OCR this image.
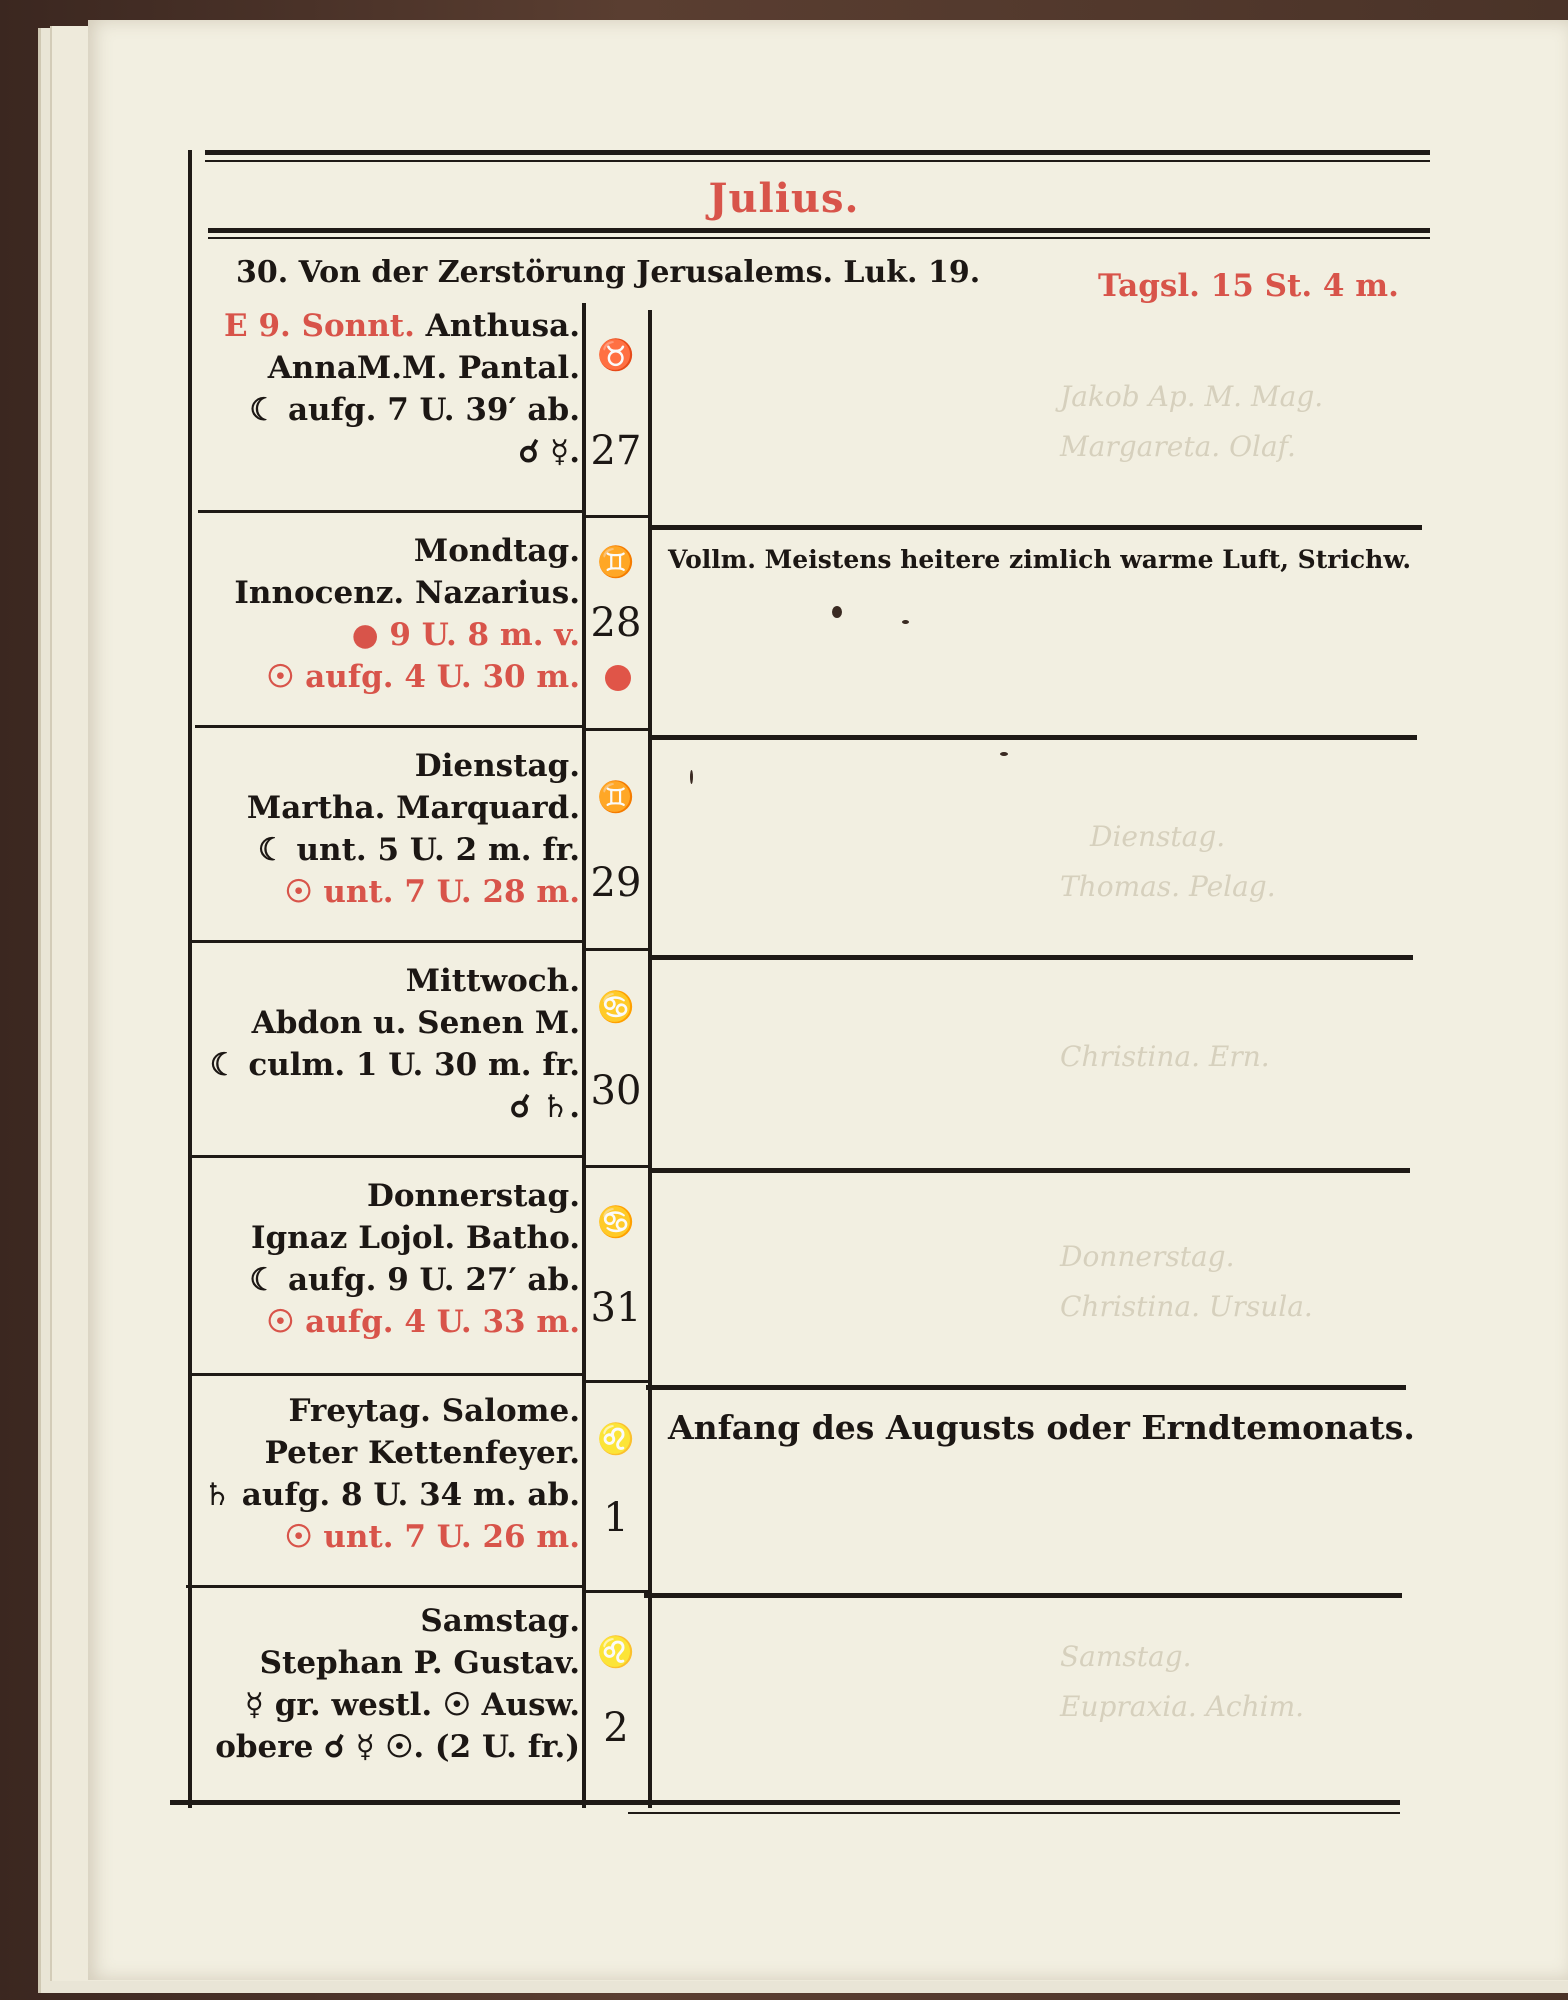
Jakob Ap. M. Mag.
Margareta. Olaf.
Dienstag.
Thomas. Pelag.
Christina. Ern.
Donnerstag.
Christina. Ursula.
Samstag.
Eupraxia. Achim.
Julius.
30. Von der Zerstörung Jerusalems. Luk. 19.	Tagsl. 15 St. 4 m.
E 9. Sonnt. Anthusa.
AnnaM.M. Pantal.
☾ aufg. 7 U. 39′ ab.
☌ ☿.
Mondtag.
Innocenz. Nazarius.
● 9 U. 8 m. v.
☉ aufg. 4 U. 30 m.
Dienstag.
Martha. Marquard.
☾ unt. 5 U. 2 m. fr.
☉ unt. 7 U. 28 m.
Mittwoch.
Abdon u. Senen M.
☾ culm. 1 U. 30 m. fr.
☌ ♄.
Donnerstag.
Ignaz Lojol. Batho.
☾ aufg. 9 U. 27′ ab.
☉ aufg. 4 U. 33 m.
Freytag. Salome.
Peter Kettenfeyer.
♄ aufg. 8 U. 34 m. ab.
☉ unt. 7 U. 26 m.
Samstag.
Stephan P. Gustav.
☿ gr. westl. ☉ Ausw.
obere ☌ ☿ ☉. (2 U. fr.)
♉
♊
♊
♋
♋
♌
♌
27
28
29
30
31
1
2
Vollm. Meistens heitere zimlich warme Luft, Strichw.
Anfang des Augusts oder Erndtemonats.
